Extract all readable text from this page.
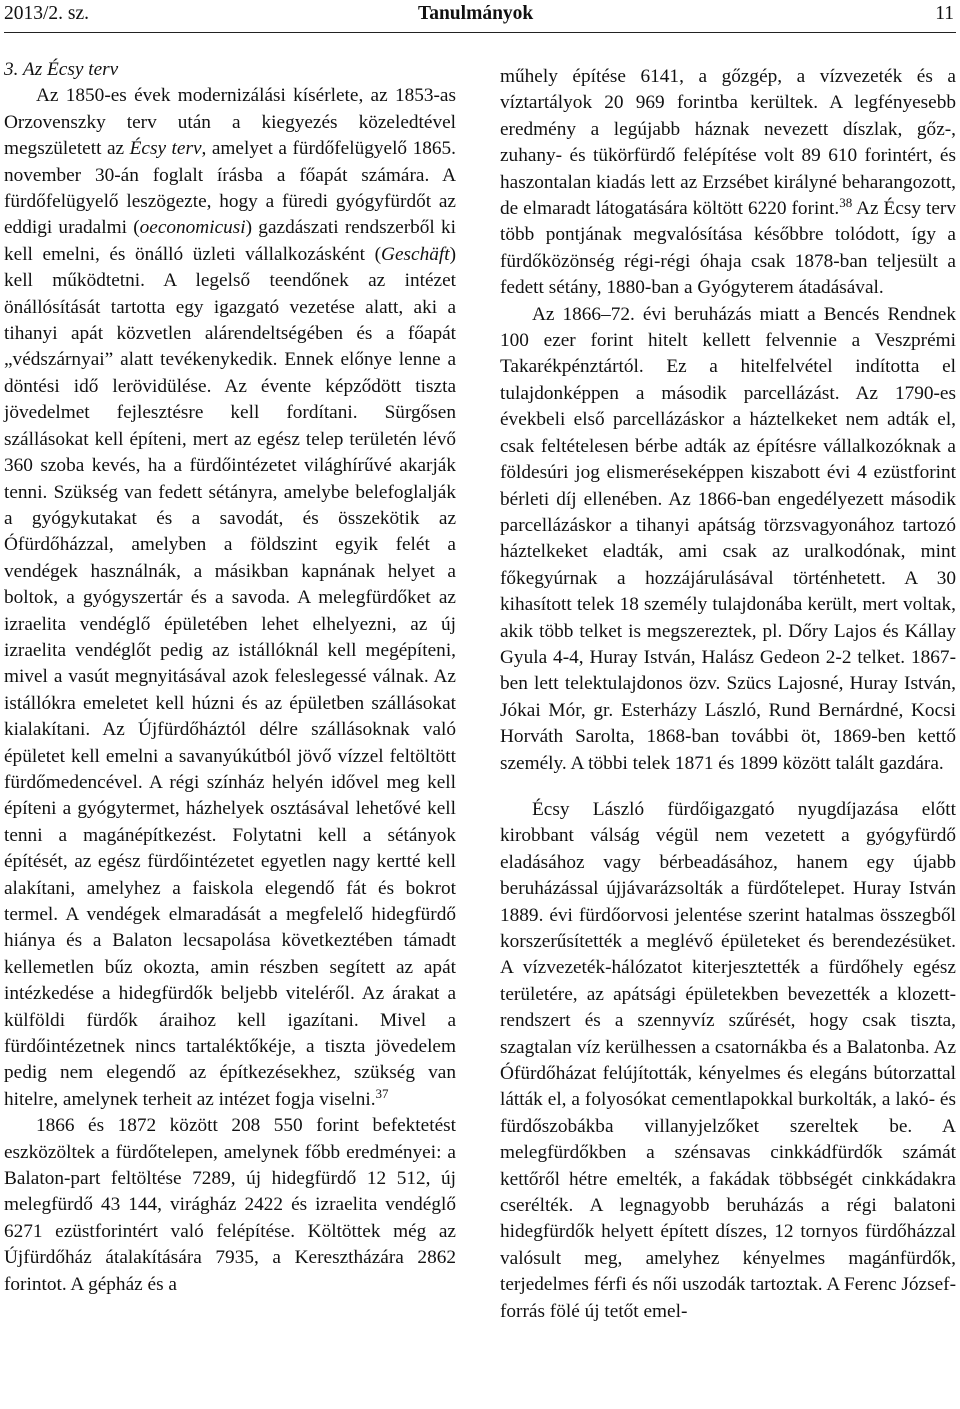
2013/2. sz.	Tanulmányok	11

3. Az Écsy terv

Az 1850-es évek modernizálási kísérlete, az 1853-as Orzovenszky terv után a kiegyezés közeledtével megszületett az Écsy terv, amelyet a fürdőfelügyelő 1865. november 30-án foglalt írásba a főapát számára. A fürdőfelügyelő leszögezte, hogy a füredi gyógyfürdőt az eddigi uradalmi (oeconomicusi) gazdászati rendszerből ki kell emelni, és önálló üzleti vállalkozásként (Geschäft) kell működtetni. A legelső teendőnek az intézet önállósítását tartotta egy igazgató vezetése alatt, aki a tihanyi apát közvetlen alárendeltségében és a főapát „védszárnyai” alatt tevékenykedik. Ennek előnye lenne a döntési idő lerövidülése. Az évente képződött tiszta jövedelmet fejlesztésre kell fordítani. Sürgősen szállásokat kell építeni, mert az egész telep területén lévő 360 szoba kevés, ha a fürdőintézetet világhírűvé akarják tenni. Szükség van fedett sétányra, amelybe belefoglalják a gyógykutakat és a savodát, és összekötik az Ófürdőházzal, amelyben a földszint egyik felét a vendégek használnák, a másikban kapnának helyet a boltok, a gyógyszertár és a savoda. A melegfürdőket az izraelita vendéglő épületében lehet elhelyezni, az új izraelita vendéglőt pedig az istállóknál kell megépíteni, mivel a vasút megnyitásával azok feleslegessé válnak. Az istállókra emeletet kell húzni és az épületben szállásokat kialakítani. Az Újfürdőháztól délre szállásoknak való épületet kell emelni a savanyúkútból jövő vízzel feltöltött fürdőmedencével. A régi színház helyén idővel meg kell építeni a gyógytermet, házhelyek osztásával lehetővé kell tenni a magánépítkezést. Folytatni kell a sétányok építését, az egész fürdőintézetet egyetlen nagy kertté kell alakítani, amelyhez a faiskola elegendő fát és bokrot termel. A vendégek elmaradását a megfelelő hidegfürdő hiánya és a Balaton lecsapolása következtében támadt kellemetlen bűz okozta, amin részben segített az apát intézkedése a hidegfürdők beljebb viteléről. Az árakat a külföldi fürdők áraihoz kell igazítani. Mivel a fürdőintézetnek nincs tartaléktőkéje, a tiszta jövedelem pedig nem elegendő az építkezésekhez, szükség van hitelre, amelynek terheit az intézet fogja viselni.$^{37}$

1866 és 1872 között 208 550 forint befektetést eszközöltek a fürdőtelepen, amelynek főbb eredményei: a Balaton-part feltöltése 7289, új hidegfürdő 12 512, új melegfürdő 43 144, virágház 2422 és izraelita vendéglő 6271 ezüstforintért való felépítése. Költöttek még az Újfürdőház átalakítására 7935, a Keresztházára 2862 forintot. A gépház és a

műhely építése 6141, a gőzgép, a vízvezeték és a víztartályok 20 969 forintba kerültek. A legfényesebb eredmény a legújabb háznak nevezett díszlak, gőz-, zuhany- és tükörfürdő felépítése volt 89 610 forintért, és haszontalan kiadás lett az Erzsébet királyné beharangozott, de elmaradt látogatására költött 6220 forint.$^{38}$ Az Écsy terv több pontjának megvalósítása későbbre tolódott, így a fürdőközönség régi-régi óhaja csak 1878-ban teljesült a fedett sétány, 1880-ban a Gyógyterem átadásával.

Az 1866–72. évi beruházás miatt a Bencés Rendnek 100 ezer forint hitelt kellett felvennie a Veszprémi Takarékpénztártól. Ez a hitelfelvétel indította el tulajdonképpen a második parcellázást. Az 1790-es évekbeli első parcellázáskor a háztelkeket nem adták el, csak feltételesen bérbe adták az építésre vállalkozóknak a földesúri jog elismeréseképpen kiszabott évi 4 ezüstforint bérleti díj ellenében. Az 1866-ban engedélyezett második parcellázáskor a tihanyi apátság törzsvagyonához tartozó háztelkeket eladták, ami csak az uralkodónak, mint főkegyúrnak a hozzájárulásával történhetett. A 30 kihasított telek 18 személy tulajdonába került, mert voltak, akik több telket is megszereztek, pl. Dőry Lajos és Kállay Gyula 4-4, Huray István, Halász Gedeon 2-2 telket. 1867-ben lett telektulajdonos özv. Szücs Lajosné, Huray István, Jókai Mór, gr. Esterházy László, Rund Bernárdné, Kocsi Horváth Sarolta, 1868-ban további öt, 1869-ben kettő személy. A többi telek 1871 és 1899 között talált gazdára.

Écsy László fürdőigazgató nyugdíjazása előtt kirobbant válság végül nem vezetett a gyógyfürdő eladásához vagy bérbeadásához, hanem egy újabb beruházással újjávarázsolták a fürdőtelepet. Huray István 1889. évi fürdőorvosi jelentése szerint hatalmas összegből korszerűsítették a meglévő épületeket és berendezésüket. A vízvezeték-hálózatot kiterjesztették a fürdőhely egész területére, az apátsági épületekben bevezették a klozett-rendszert és a szennyvíz szűrését, hogy csak tiszta, szagtalan víz kerülhessen a csatornákba és a Balatonba. Az Ófürdőházat felújították, kényelmes és elegáns bútorzattal látták el, a folyosókat cementlapokkal burkolták, a lakó- és fürdőszobákba villanyjelzőket szereltek be. A melegfürdőkben a szénsavas cinkkádfürdők számát kettőről hétre emelték, a fakádak többségét cinkkádakra cserélték. A legnagyobb beruházás a régi balatoni hidegfürdők helyett épített díszes, 12 tornyos fürdőházzal valósult meg, amelyhez kényelmes magánfürdők, terjedelmes férfi és női uszodák tartoztak. A Ferenc József-forrás fölé új tetőt emel-
